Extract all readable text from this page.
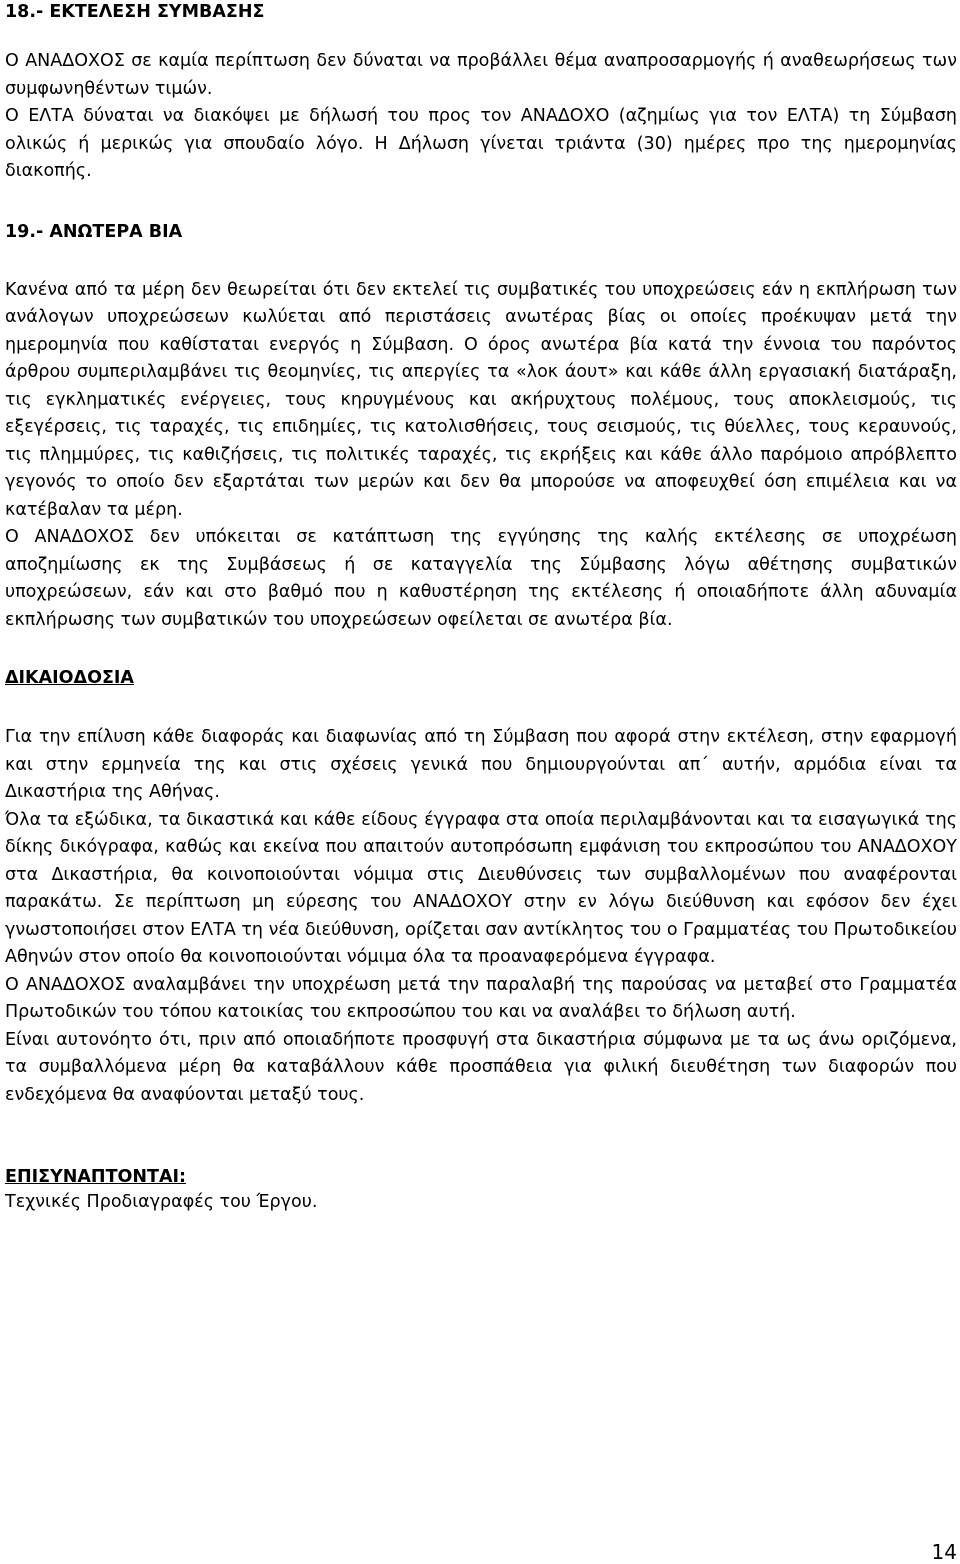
18.- ΕΚΤΕΛΕΣΗ ΣΥΜΒΑΣΗΣ
Ο ΑΝΑΔΟΧΟΣ σε καμία περίπτωση δεν δύναται να προβάλλει θέμα αναπροσαρμογής ή αναθεωρήσεως των συμφωνηθέντων τιμών.
Ο ΕΛΤΑ δύναται να διακόψει με δήλωσή του προς τον ΑΝΑΔΟΧΟ (αζημίως για τον ΕΛΤΑ) τη Σύμβαση ολικώς ή μερικώς για σπουδαίο λόγο. Η Δήλωση γίνεται τριάντα (30) ημέρες προ της ημερομηνίας διακοπής.
19.- ΑΝΩΤΕΡΑ ΒΙΑ
Κανένα από τα μέρη δεν θεωρείται ότι δεν εκτελεί τις συμβατικές του υποχρεώσεις εάν η εκπλήρωση των ανάλογων υποχρεώσεων κωλύεται από περιστάσεις ανωτέρας βίας οι οποίες προέκυψαν μετά την ημερομηνία που καθίσταται ενεργός η Σύμβαση. Ο όρος ανωτέρα βία κατά την έννοια του παρόντος άρθρου συμπεριλαμβάνει τις θεομηνίες, τις απεργίες τα «λοκ άουτ» και κάθε άλλη εργασιακή διατάραξη, τις εγκληματικές ενέργειες, τους κηρυγμένους και ακήρυχτους πολέμους, τους αποκλεισμούς, τις εξεγέρσεις, τις ταραχές, τις επιδημίες, τις κατολισθήσεις, τους σεισμούς, τις θύελλες, τους κεραυνούς, τις πλημμύρες, τις καθιζήσεις, τις πολιτικές ταραχές, τις εκρήξεις και κάθε άλλο παρόμοιο απρόβλεπτο γεγονός το οποίο δεν εξαρτάται των μερών και δεν θα μπορούσε να αποφευχθεί όση επιμέλεια και να κατέβαλαν τα μέρη.
Ο ΑΝΑΔΟΧΟΣ δεν υπόκειται σε κατάπτωση της εγγύησης της καλής εκτέλεσης σε υποχρέωση αποζημίωσης εκ της Συμβάσεως ή σε καταγγελία της Σύμβασης λόγω αθέτησης συμβατικών υποχρεώσεων, εάν και στο βαθμό που η καθυστέρηση της εκτέλεσης ή οποιαδήποτε άλλη αδυναμία εκπλήρωσης των συμβατικών του υποχρεώσεων οφείλεται σε ανωτέρα βία.
ΔΙΚΑΙΟΔΟΣΙΑ
Για την επίλυση κάθε διαφοράς και διαφωνίας από τη Σύμβαση που αφορά στην εκτέλεση, στην εφαρμογή και στην ερμηνεία της και στις σχέσεις γενικά που δημιουργούνται απ΄ αυτήν, αρμόδια είναι τα Δικαστήρια της Αθήνας.
Όλα τα εξώδικα, τα δικαστικά και κάθε είδους έγγραφα στα οποία περιλαμβάνονται και τα εισαγωγικά της δίκης δικόγραφα, καθώς και εκείνα που απαιτούν αυτοπρόσωπη εμφάνιση του εκπροσώπου του ΑΝΑΔΟΧΟΥ στα Δικαστήρια, θα κοινοποιούνται νόμιμα στις Διευθύνσεις των συμβαλλομένων που αναφέρονται παρακάτω. Σε περίπτωση μη εύρεσης του ΑΝΑΔΟΧΟΥ στην εν λόγω διεύθυνση και εφόσον δεν έχει γνωστοποιήσει στον ΕΛΤΑ τη νέα διεύθυνση, ορίζεται σαν αντίκλητος του ο Γραμματέας του Πρωτοδικείου Αθηνών στον οποίο θα κοινοποιούνται νόμιμα όλα τα προαναφερόμενα έγγραφα.
Ο ΑΝΑΔΟΧΟΣ αναλαμβάνει την υποχρέωση μετά την παραλαβή της παρούσας να μεταβεί στο Γραμματέα Πρωτοδικών του τόπου κατοικίας του εκπροσώπου του και να αναλάβει το δήλωση αυτή.
Είναι αυτονόητο ότι, πριν από οποιαδήποτε προσφυγή στα δικαστήρια σύμφωνα με τα ως άνω οριζόμενα, τα συμβαλλόμενα μέρη θα καταβάλλουν κάθε προσπάθεια για φιλική διευθέτηση των διαφορών που ενδεχόμενα θα αναφύονται μεταξύ τους.
ΕΠΙΣΥΝΑΠΤΟΝΤΑΙ:
Τεχνικές Προδιαγραφές του Έργου.
14
